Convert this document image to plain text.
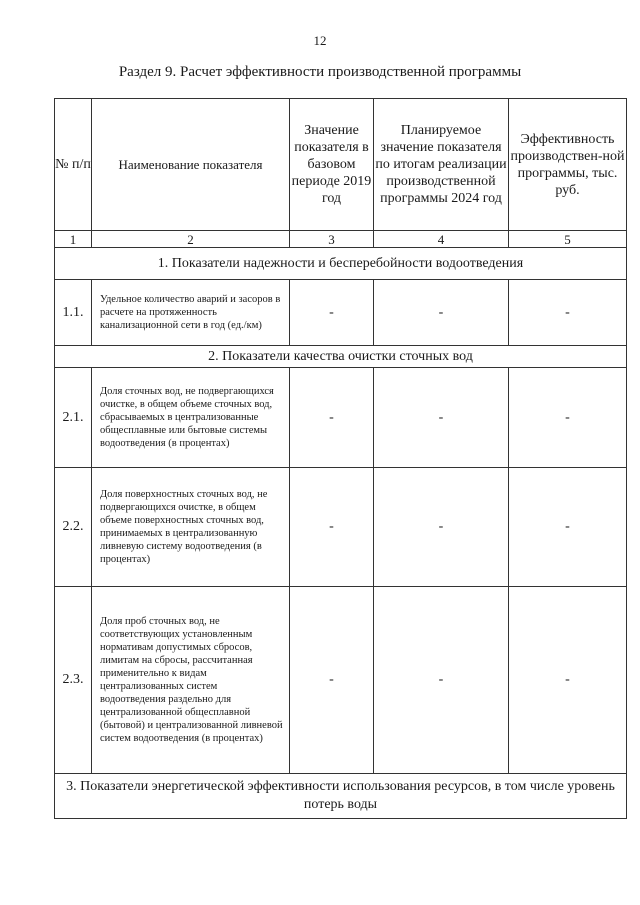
12
Раздел 9. Расчет эффективности производственной программы
№ п/п	Наименование показателя	Значение показателя в базовом периоде 2019 год	Планируемое значение показателя по итогам реализации производственной программы 2024 год	Эффективность производствен-ной программы, тыс. руб.
1	2	3	4	5
1. Показатели надежности и бесперебойности водоотведения				
1.1.	Удельное количество аварий и засоров в расчете на протяженность канализационной сети в год (ед./км)	-	-	-
2. Показатели качества очистки сточных вод				
2.1.	Доля сточных вод, не подвергающихся очистке, в общем объеме сточных вод, сбрасываемых в централизованные общесплавные или бытовые системы водоотведения (в процентах)	-	-	-
2.2.	Доля поверхностных сточных вод, не подвергающихся очистке, в общем объеме поверхностных сточных вод, принимаемых в централизованную ливневую систему водоотведения (в процентах)	-	-	-
2.3.	Доля проб сточных вод, не соответствующих установленным нормативам допустимых сбросов, лимитам на сбросы, рассчитанная применительно к видам централизованных систем водоотведения раздельно для централизованной общесплавной (бытовой) и централизованной ливневой систем водоотведения (в процентах)	-	-	-
3. Показатели энергетической эффективности использования ресурсов, в том числе уровень потерь воды				
